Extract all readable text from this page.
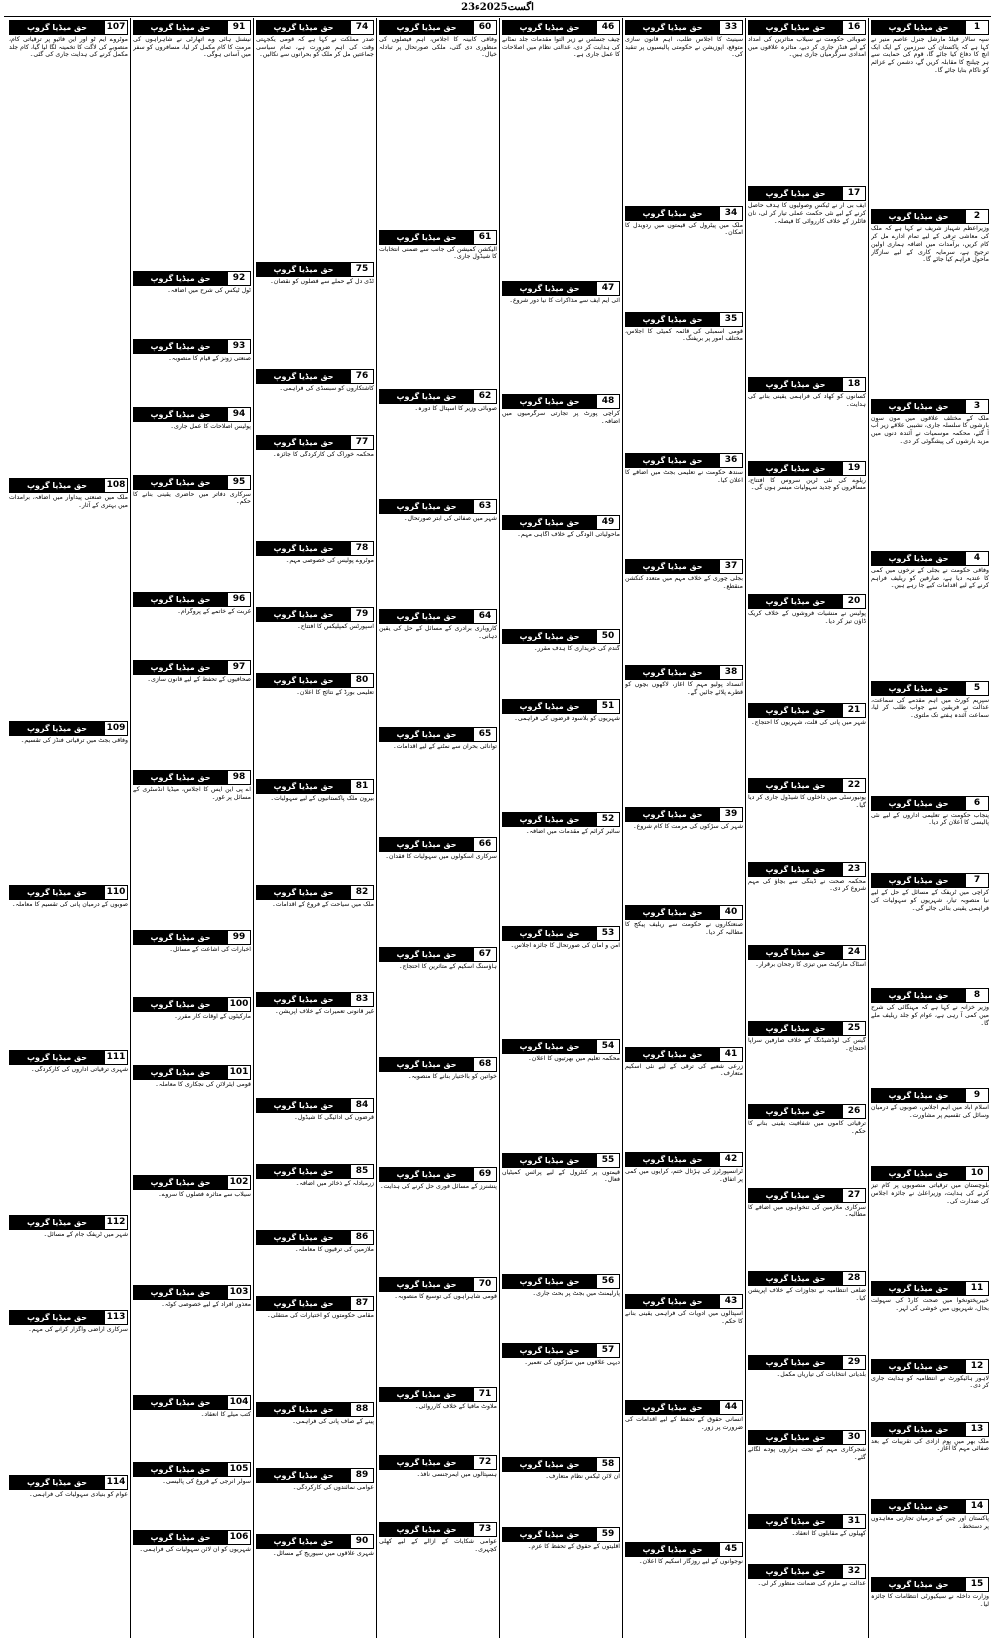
23اگست2025ء
1
حق میڈیا گروپ
سپہ سالار فیلڈ مارشل جنرل عاصم منیر نے کہا ہے کہ پاکستان کی سرزمین کے ایک ایک انچ کا دفاع کیا جائے گا، قوم کی حمایت سے ہر چیلنج کا مقابلہ کریں گے، دشمن کے عزائم کو ناکام بنایا جائے گا۔
2
حق میڈیا گروپ
وزیراعظم شہباز شریف نے کہا ہے کہ ملک کی معاشی ترقی کے لیے تمام ادارے مل کر کام کریں، برآمدات میں اضافہ ہماری اولین ترجیح ہے، سرمایہ کاری کے لیے سازگار ماحول فراہم کیا جائے گا۔
3
حق میڈیا گروپ
ملک کے مختلف علاقوں میں مون سون بارشوں کا سلسلہ جاری، نشیبی علاقے زیر آب آ گئے، محکمہ موسمیات نے آئندہ دنوں میں مزید بارشوں کی پیشگوئی کر دی۔
4
حق میڈیا گروپ
وفاقی حکومت نے بجلی کے نرخوں میں کمی کا عندیہ دیا ہے، صارفین کو ریلیف فراہم کرنے کے لیے اقدامات کیے جا رہے ہیں۔
5
حق میڈیا گروپ
سپریم کورٹ میں اہم مقدمے کی سماعت، عدالت نے فریقین سے جواب طلب کر لیا، سماعت آئندہ ہفتے تک ملتوی۔
6
حق میڈیا گروپ
پنجاب حکومت نے تعلیمی اداروں کے لیے نئی پالیسی کا اعلان کر دیا۔
7
حق میڈیا گروپ
کراچی میں ٹریفک کے مسائل کے حل کے لیے نیا منصوبہ تیار، شہریوں کو سہولیات کی فراہمی یقینی بنائی جائے گی۔
8
حق میڈیا گروپ
وزیر خزانہ نے کہا ہے کہ مہنگائی کی شرح میں کمی آ رہی ہے، عوام کو جلد ریلیف ملے گا۔
9
حق میڈیا گروپ
اسلام آباد میں اہم اجلاس، صوبوں کے درمیان وسائل کی تقسیم پر مشاورت۔
10
حق میڈیا گروپ
بلوچستان میں ترقیاتی منصوبوں پر کام تیز کرنے کی ہدایت، وزیراعلیٰ نے جائزہ اجلاس کی صدارت کی۔
11
حق میڈیا گروپ
خیبرپختونخوا میں صحت کارڈ کی سہولت بحال، شہریوں میں خوشی کی لہر۔
12
حق میڈیا گروپ
لاہور ہائیکورٹ نے انتظامیہ کو ہدایت جاری کر دی۔
13
حق میڈیا گروپ
ملک بھر میں یوم آزادی کی تقریبات کے بعد صفائی مہم کا آغاز۔
14
حق میڈیا گروپ
پاکستان اور چین کے درمیان تجارتی معاہدوں پر دستخط۔
15
حق میڈیا گروپ
وزارت داخلہ نے سیکیورٹی انتظامات کا جائزہ لیا۔
16
حق میڈیا گروپ
صوبائی حکومت نے سیلاب متاثرین کی امداد کے لیے فنڈز جاری کر دیے، متاثرہ علاقوں میں امدادی سرگرمیاں جاری ہیں۔
17
حق میڈیا گروپ
ایف بی آر نے ٹیکس وصولیوں کا ہدف حاصل کرنے کے لیے نئی حکمت عملی تیار کر لی، نان فائلرز کے خلاف کارروائی کا فیصلہ۔
18
حق میڈیا گروپ
کسانوں کو کھاد کی فراہمی یقینی بنانے کی ہدایت۔
19
حق میڈیا گروپ
ریلوے کی نئی ٹرین سروس کا افتتاح، مسافروں کو جدید سہولیات میسر ہوں گی۔
20
حق میڈیا گروپ
پولیس نے منشیات فروشوں کے خلاف کریک ڈاؤن تیز کر دیا۔
21
حق میڈیا گروپ
شہر میں پانی کی قلت، شہریوں کا احتجاج۔
22
حق میڈیا گروپ
یونیورسٹی میں داخلوں کا شیڈول جاری کر دیا گیا۔
23
حق میڈیا گروپ
محکمہ صحت نے ڈینگی سے بچاؤ کی مہم شروع کر دی۔
24
حق میڈیا گروپ
اسٹاک مارکیٹ میں تیزی کا رجحان برقرار۔
25
حق میڈیا گروپ
گیس کی لوڈشیڈنگ کے خلاف صارفین سراپا احتجاج۔
26
حق میڈیا گروپ
ترقیاتی کاموں میں شفافیت یقینی بنانے کا حکم۔
27
حق میڈیا گروپ
سرکاری ملازمین کی تنخواہوں میں اضافے کا مطالبہ۔
28
حق میڈیا گروپ
ضلعی انتظامیہ نے تجاوزات کے خلاف آپریشن کیا۔
29
حق میڈیا گروپ
بلدیاتی انتخابات کی تیاریاں مکمل۔
30
حق میڈیا گروپ
شجرکاری مہم کے تحت ہزاروں پودے لگائے گئے۔
31
حق میڈیا گروپ
کھیلوں کے مقابلوں کا انعقاد۔
32
حق میڈیا گروپ
عدالت نے ملزم کی ضمانت منظور کر لی۔
33
حق میڈیا گروپ
سینیٹ کا اجلاس طلب، اہم قانون سازی متوقع، اپوزیشن نے حکومتی پالیسیوں پر تنقید کی۔
34
حق میڈیا گروپ
ملک میں پیٹرول کی قیمتوں میں ردوبدل کا امکان۔
35
حق میڈیا گروپ
قومی اسمبلی کی قائمہ کمیٹی کا اجلاس، مختلف امور پر بریفنگ۔
36
حق میڈیا گروپ
سندھ حکومت نے تعلیمی بجٹ میں اضافے کا اعلان کیا۔
37
حق میڈیا گروپ
بجلی چوری کے خلاف مہم میں متعدد کنکشن منقطع۔
38
حق میڈیا گروپ
انسداد پولیو مہم کا آغاز، لاکھوں بچوں کو قطرے پلائے جائیں گے۔
39
حق میڈیا گروپ
شہر کی سڑکوں کی مرمت کا کام شروع۔
40
حق میڈیا گروپ
صنعتکاروں نے حکومت سے ریلیف پیکج کا مطالبہ کر دیا۔
41
حق میڈیا گروپ
زرعی شعبے کی ترقی کے لیے نئی اسکیم متعارف۔
42
حق میڈیا گروپ
ٹرانسپورٹرز کی ہڑتال ختم، کرایوں میں کمی پر اتفاق۔
43
حق میڈیا گروپ
اسپتالوں میں ادویات کی فراہمی یقینی بنانے کا حکم۔
44
حق میڈیا گروپ
انسانی حقوق کے تحفظ کے لیے اقدامات کی ضرورت پر زور۔
45
حق میڈیا گروپ
نوجوانوں کے لیے روزگار اسکیم کا اعلان۔
46
حق میڈیا گروپ
چیف جسٹس نے زیر التوا مقدمات جلد نمٹانے کی ہدایت کر دی، عدالتی نظام میں اصلاحات کا عمل جاری ہے۔
47
حق میڈیا گروپ
آئی ایم ایف سے مذاکرات کا نیا دور شروع۔
48
حق میڈیا گروپ
کراچی پورٹ پر تجارتی سرگرمیوں میں اضافہ۔
49
حق میڈیا گروپ
ماحولیاتی آلودگی کے خلاف آگاہی مہم۔
50
حق میڈیا گروپ
گندم کی خریداری کا ہدف مقرر۔
51
حق میڈیا گروپ
شہریوں کو بلاسود قرضوں کی فراہمی۔
52
حق میڈیا گروپ
سائبر کرائم کے مقدمات میں اضافہ۔
53
حق میڈیا گروپ
امن و امان کی صورتحال کا جائزہ اجلاس۔
54
حق میڈیا گروپ
محکمہ تعلیم میں بھرتیوں کا اعلان۔
55
حق میڈیا گروپ
قیمتوں پر کنٹرول کے لیے پرائس کمیٹیاں فعال۔
56
حق میڈیا گروپ
پارلیمنٹ میں بجٹ پر بحث جاری۔
57
حق میڈیا گروپ
دیہی علاقوں میں سڑکوں کی تعمیر۔
58
حق میڈیا گروپ
آن لائن ٹیکس نظام متعارف۔
59
حق میڈیا گروپ
اقلیتوں کے حقوق کے تحفظ کا عزم۔
60
حق میڈیا گروپ
وفاقی کابینہ کا اجلاس، اہم فیصلوں کی منظوری دی گئی، ملکی صورتحال پر تبادلہ خیال۔
61
حق میڈیا گروپ
الیکشن کمیشن کی جانب سے ضمنی انتخابات کا شیڈول جاری۔
62
حق میڈیا گروپ
صوبائی وزیر کا اسپتال کا دورہ۔
63
حق میڈیا گروپ
شہر میں صفائی کی ابتر صورتحال۔
64
حق میڈیا گروپ
کاروباری برادری کے مسائل کے حل کی یقین دہانی۔
65
حق میڈیا گروپ
توانائی بحران سے نمٹنے کے لیے اقدامات۔
66
حق میڈیا گروپ
سرکاری اسکولوں میں سہولیات کا فقدان۔
67
حق میڈیا گروپ
ہاؤسنگ اسکیم کے متاثرین کا احتجاج۔
68
حق میڈیا گروپ
خواتین کو بااختیار بنانے کا منصوبہ۔
69
حق میڈیا گروپ
پنشنرز کے مسائل فوری حل کرنے کی ہدایت۔
70
حق میڈیا گروپ
قومی شاہراہوں کی توسیع کا منصوبہ۔
71
حق میڈیا گروپ
ملاوٹ مافیا کے خلاف کارروائی۔
72
حق میڈیا گروپ
ہسپتالوں میں ایمرجنسی نافذ۔
73
حق میڈیا گروپ
عوامی شکایات کے ازالے کے لیے کھلی کچہری۔
74
حق میڈیا گروپ
صدر مملکت نے کہا ہے کہ قومی یکجہتی وقت کی اہم ضرورت ہے، تمام سیاسی جماعتیں مل کر ملک کو بحرانوں سے نکالیں۔
75
حق میڈیا گروپ
ٹڈی دل کے حملے سے فصلوں کو نقصان۔
76
حق میڈیا گروپ
کاشتکاروں کو سبسڈی کی فراہمی۔
77
حق میڈیا گروپ
محکمہ خوراک کی کارکردگی کا جائزہ۔
78
حق میڈیا گروپ
موٹروے پولیس کی خصوصی مہم۔
79
حق میڈیا گروپ
اسپورٹس کمپلیکس کا افتتاح۔
80
حق میڈیا گروپ
تعلیمی بورڈ کے نتائج کا اعلان۔
81
حق میڈیا گروپ
بیرون ملک پاکستانیوں کے لیے سہولیات۔
82
حق میڈیا گروپ
ملک میں سیاحت کے فروغ کے اقدامات۔
83
حق میڈیا گروپ
غیر قانونی تعمیرات کے خلاف آپریشن۔
84
حق میڈیا گروپ
قرضوں کی ادائیگی کا شیڈول۔
85
حق میڈیا گروپ
زرمبادلہ کے ذخائر میں اضافہ۔
86
حق میڈیا گروپ
ملازمین کی ترقیوں کا معاملہ۔
87
حق میڈیا گروپ
مقامی حکومتوں کو اختیارات کی منتقلی۔
88
حق میڈیا گروپ
پینے کے صاف پانی کی فراہمی۔
89
حق میڈیا گروپ
عوامی نمائندوں کی کارکردگی۔
90
حق میڈیا گروپ
شہری علاقوں میں سیوریج کے مسائل۔
91
حق میڈیا گروپ
نیشنل ہائی وے اتھارٹی نے شاہراہوں کی مرمت کا کام مکمل کر لیا، مسافروں کو سفر میں آسانی ہوگی۔
92
حق میڈیا گروپ
ٹول ٹیکس کی شرح میں اضافہ۔
93
حق میڈیا گروپ
صنعتی زونز کے قیام کا منصوبہ۔
94
حق میڈیا گروپ
پولیس اصلاحات کا عمل جاری۔
95
حق میڈیا گروپ
سرکاری دفاتر میں حاضری یقینی بنانے کا حکم۔
96
حق میڈیا گروپ
غربت کے خاتمے کے پروگرام۔
97
حق میڈیا گروپ
صحافیوں کے تحفظ کے لیے قانون سازی۔
98
حق میڈیا گروپ
اے پی این ایس کا اجلاس، میڈیا انڈسٹری کے مسائل پر غور۔
99
حق میڈیا گروپ
اخبارات کی اشاعت کے مسائل۔
100
حق میڈیا گروپ
مارکیٹوں کے اوقات کار مقرر۔
101
حق میڈیا گروپ
قومی ایئرلائن کی نجکاری کا معاملہ۔
102
حق میڈیا گروپ
سیلاب سے متاثرہ فصلوں کا سروے۔
103
حق میڈیا گروپ
معذور افراد کے لیے خصوصی کوٹہ۔
104
حق میڈیا گروپ
کتب میلے کا انعقاد۔
105
حق میڈیا گروپ
سولر انرجی کے فروغ کی پالیسی۔
106
حق میڈیا گروپ
شہریوں کو آن لائن سہولیات کی فراہمی۔
107
حق میڈیا گروپ
موٹروے ایم ٹو اور این فائیو پر ترقیاتی کام، منصوبے کی لاگت کا تخمینہ لگا لیا گیا، کام جلد مکمل کرنے کی ہدایت جاری کی گئی۔
108
حق میڈیا گروپ
ملک میں صنعتی پیداوار میں اضافہ، برآمدات میں بہتری کے آثار۔
109
حق میڈیا گروپ
وفاقی بجٹ میں ترقیاتی فنڈز کی تقسیم۔
110
حق میڈیا گروپ
صوبوں کے درمیان پانی کی تقسیم کا معاملہ۔
111
حق میڈیا گروپ
شہری ترقیاتی اداروں کی کارکردگی۔
112
حق میڈیا گروپ
شہر میں ٹریفک جام کے مسائل۔
113
حق میڈیا گروپ
سرکاری اراضی واگزار کرانے کی مہم۔
114
حق میڈیا گروپ
عوام کو بنیادی سہولیات کی فراہمی۔
